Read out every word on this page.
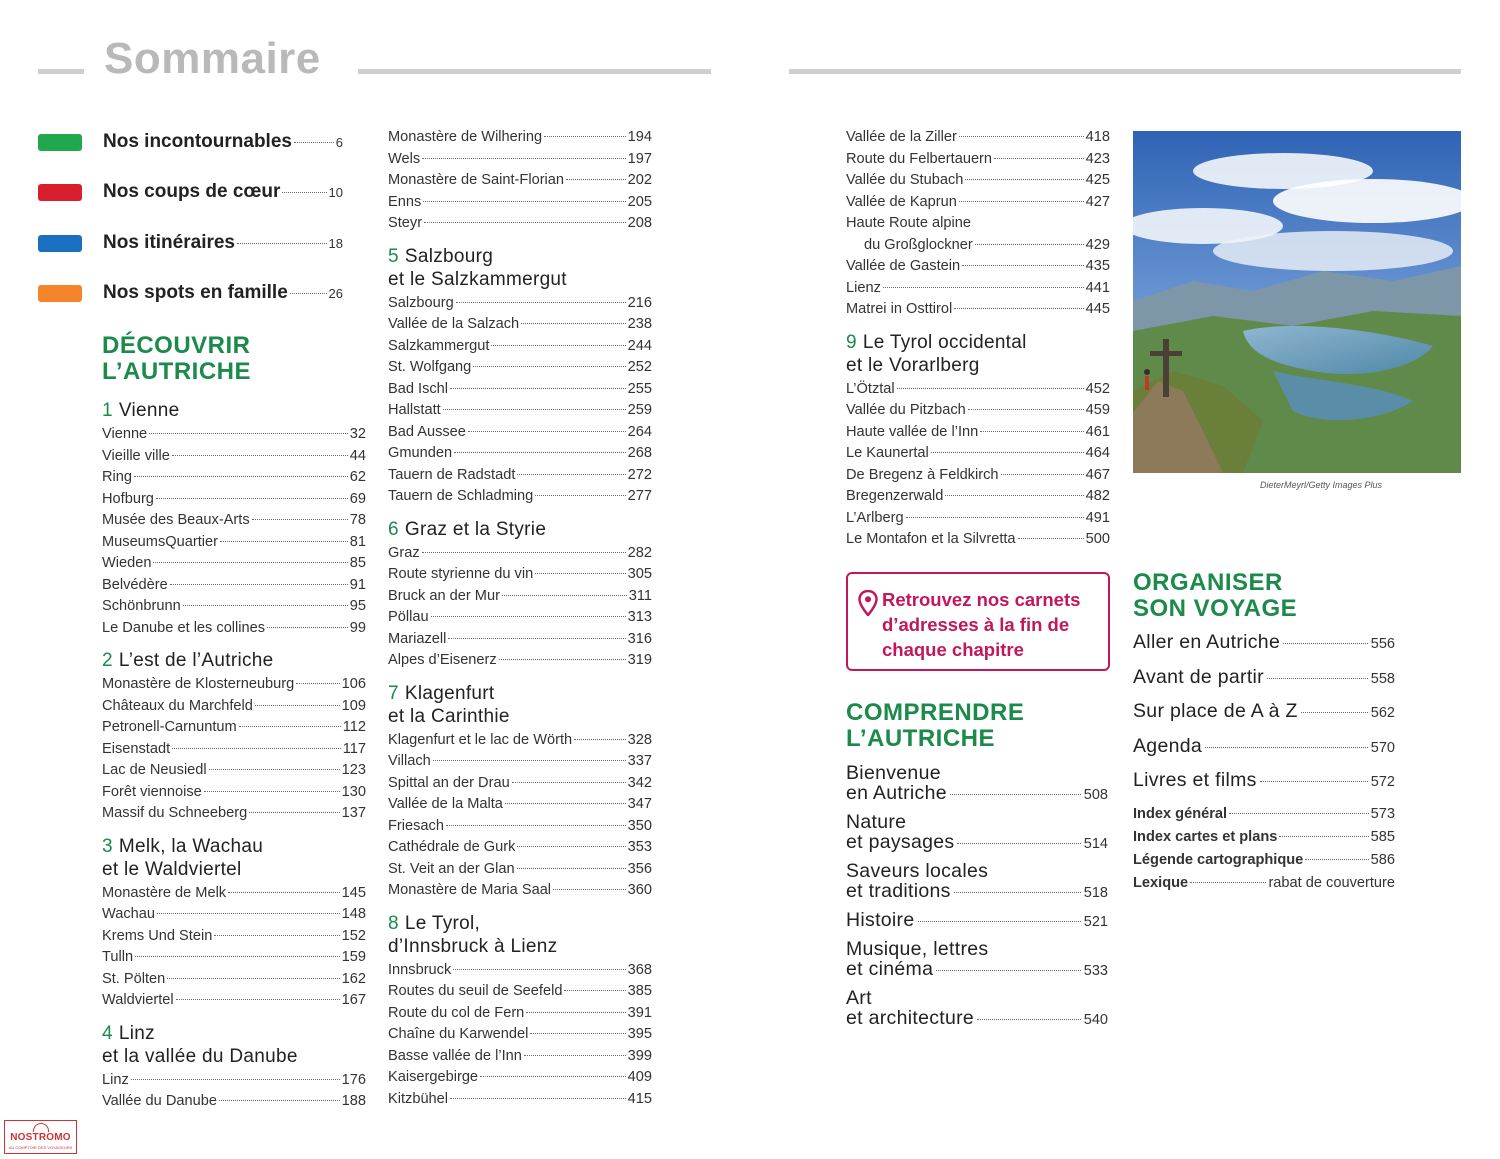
Sommaire
Nos incontournables	6
Nos coups de cœur	10
Nos itinéraires	18
Nos spots en famille	26
DÉCOUVRIR
L’AUTRICHE
1 Vienne
Vienne	32
Vieille ville	44
Ring	62
Hofburg	69
Musée des Beaux-Arts	78
MuseumsQuartier	81
Wieden	85
Belvédère	91
Schönbrunn	95
Le Danube et les collines	99
2 L’est de l’Autriche
Monastère de Klosterneuburg	106
Châteaux du Marchfeld	109
Petronell-Carnuntum	112
Eisenstadt	117
Lac de Neusiedl	123
Forêt viennoise	130
Massif du Schneeberg	137
3 Melk, la Wachau
et le Waldviertel
Monastère de Melk	145
Wachau	148
Krems Und Stein	152
Tulln	159
St. Pölten	162
Waldviertel	167
4 Linz
et la vallée du Danube
Linz	176
Vallée du Danube	188
Monastère de Wilhering	194
Wels	197
Monastère de Saint-Florian	202
Enns	205
Steyr	208
5 Salzbourg
et le Salzkammergut
Salzbourg	216
Vallée de la Salzach	238
Salzkammergut	244
St. Wolfgang	252
Bad Ischl	255
Hallstatt	259
Bad Aussee	264
Gmunden	268
Tauern de Radstadt	272
Tauern de Schladming	277
6 Graz et la Styrie
Graz	282
Route styrienne du vin	305
Bruck an der Mur	311
Pöllau	313
Mariazell	316
Alpes d’Eisenerz	319
7 Klagenfurt
et la Carinthie
Klagenfurt et le lac de Wörth	328
Villach	337
Spittal an der Drau	342
Vallée de la Malta	347
Friesach	350
Cathédrale de Gurk	353
St. Veit an der Glan	356
Monastère de Maria Saal	360
8 Le Tyrol,
d’Innsbruck à Lienz
Innsbruck	368
Routes du seuil de Seefeld	385
Route du col de Fern	391
Chaîne du Karwendel	395
Basse vallée de l’Inn	399
Kaisergebirge	409
Kitzbühel	415
Vallée de la Ziller	418
Route du Felbertauern	423
Vallée du Stubach	425
Vallée de Kaprun	427
Haute Route alpine
du Großglockner	429
Vallée de Gastein	435
Lienz	441
Matrei in Osttirol	445
9 Le Tyrol occidental
et le Vorarlberg
L’Ötztal	452
Vallée du Pitzbach	459
Haute vallée de l’Inn	461
Le Kaunertal	464
De Bregenz à Feldkirch	467
Bregenzerwald	482
L’Arlberg	491
Le Montafon et la Silvretta	500
Retrouvez nos carnets d’adresses à la fin de chaque chapitre
COMPRENDRE
L’AUTRICHE
Bienvenue
en Autriche	508
Nature
et paysages	514
Saveurs locales
et traditions	518
Histoire	521
Musique, lettres
et cinéma	533
Art
et architecture	540
DieterMeyrl/Getty Images Plus
ORGANISER
SON VOYAGE
Aller en Autriche	556
Avant de partir	558
Sur place de A à Z	562
Agenda	570
Livres et films	572
Index général	573
Index cartes et plans	585
Légende cartographique	586
Lexique	rabat de couverture
NOSTROMO
AU COMPTOIR DES VOYAGEURS
